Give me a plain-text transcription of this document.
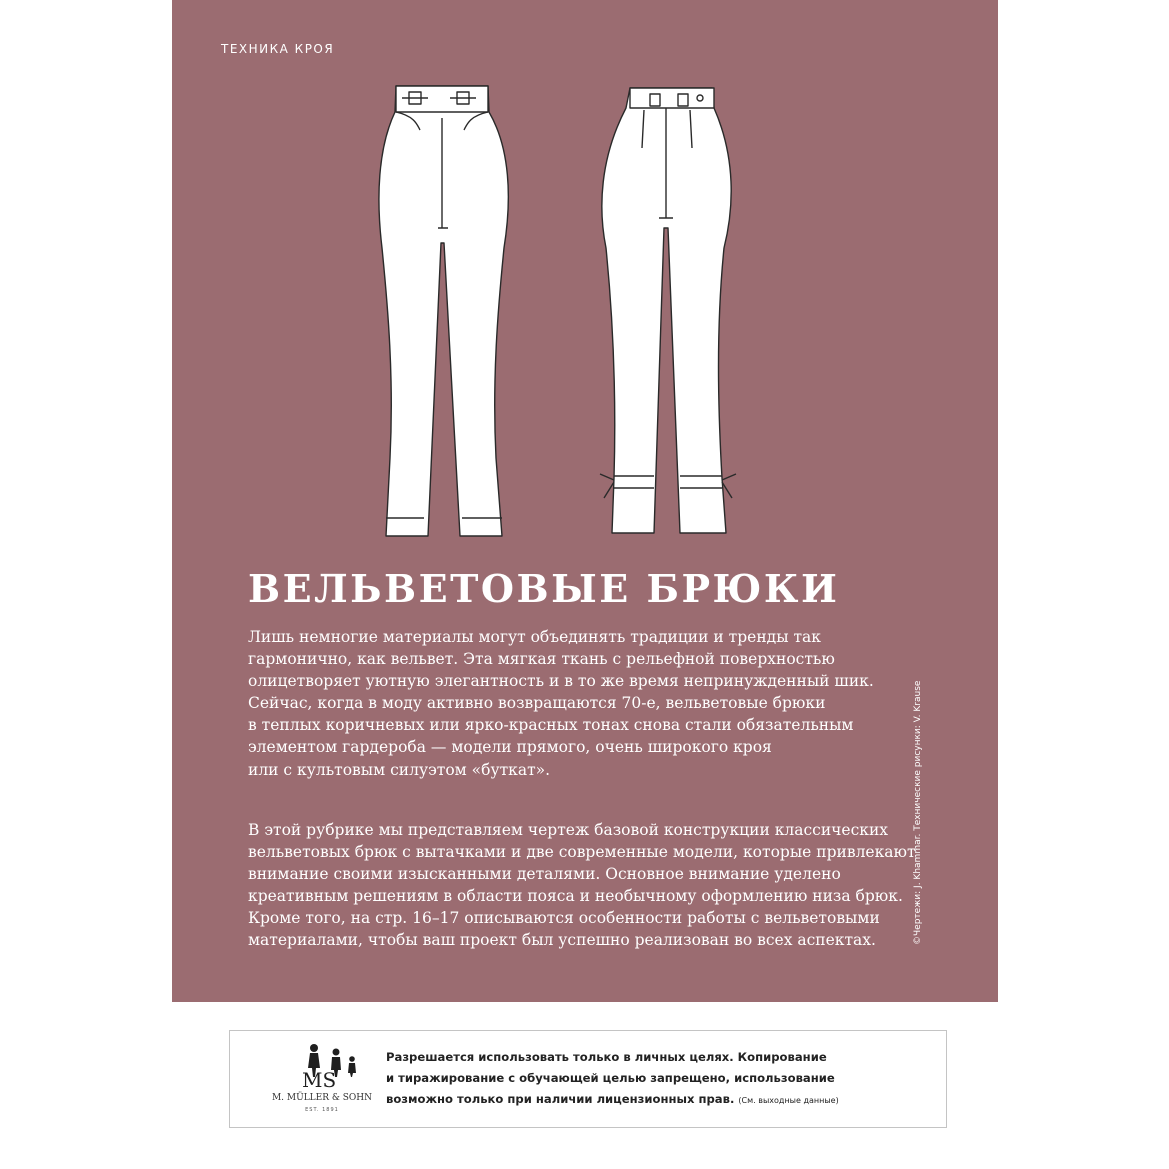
ТЕХНИКА КРОЯ
ВЕЛЬВЕТОВЫЕ БРЮКИ
Лишь немногие материалы могут объединять традиции и тренды так
гармонично, как вельвет. Эта мягкая ткань с рельефной поверхностью
олицетворяет уютную элегантность и в то же время непринужденный шик.
Сейчас, когда в моду активно возвращаются 70-е, вельветовые брюки
в теплых коричневых или ярко-красных тонах снова стали обязательным
элементом гардероба — модели прямого, очень широкого кроя
или с культовым силуэтом «буткат».
В этой рубрике мы представляем чертеж базовой конструкции классических
вельветовых брюк с вытачками и две современные модели, которые привлекают
внимание своими изысканными деталями. Основное внимание уделено
креативным решениям в области пояса и необычному оформлению низа брюк.
Кроме того, на стр. 16–17 описываются особенности работы с вельветовыми
материалами, чтобы ваш проект был успешно реализован во всех аспектах.	©Чертежи: J. Khammar. Технические рисунки: V. Krause
MS
M. MÜLLER & SOHN
EST. 1891
Разрешается использовать только в личных целях. Копирование
и тиражирование с обучающей целью запрещено, использование
возможно только при наличии лицензионных прав. (См. выходные данные)
